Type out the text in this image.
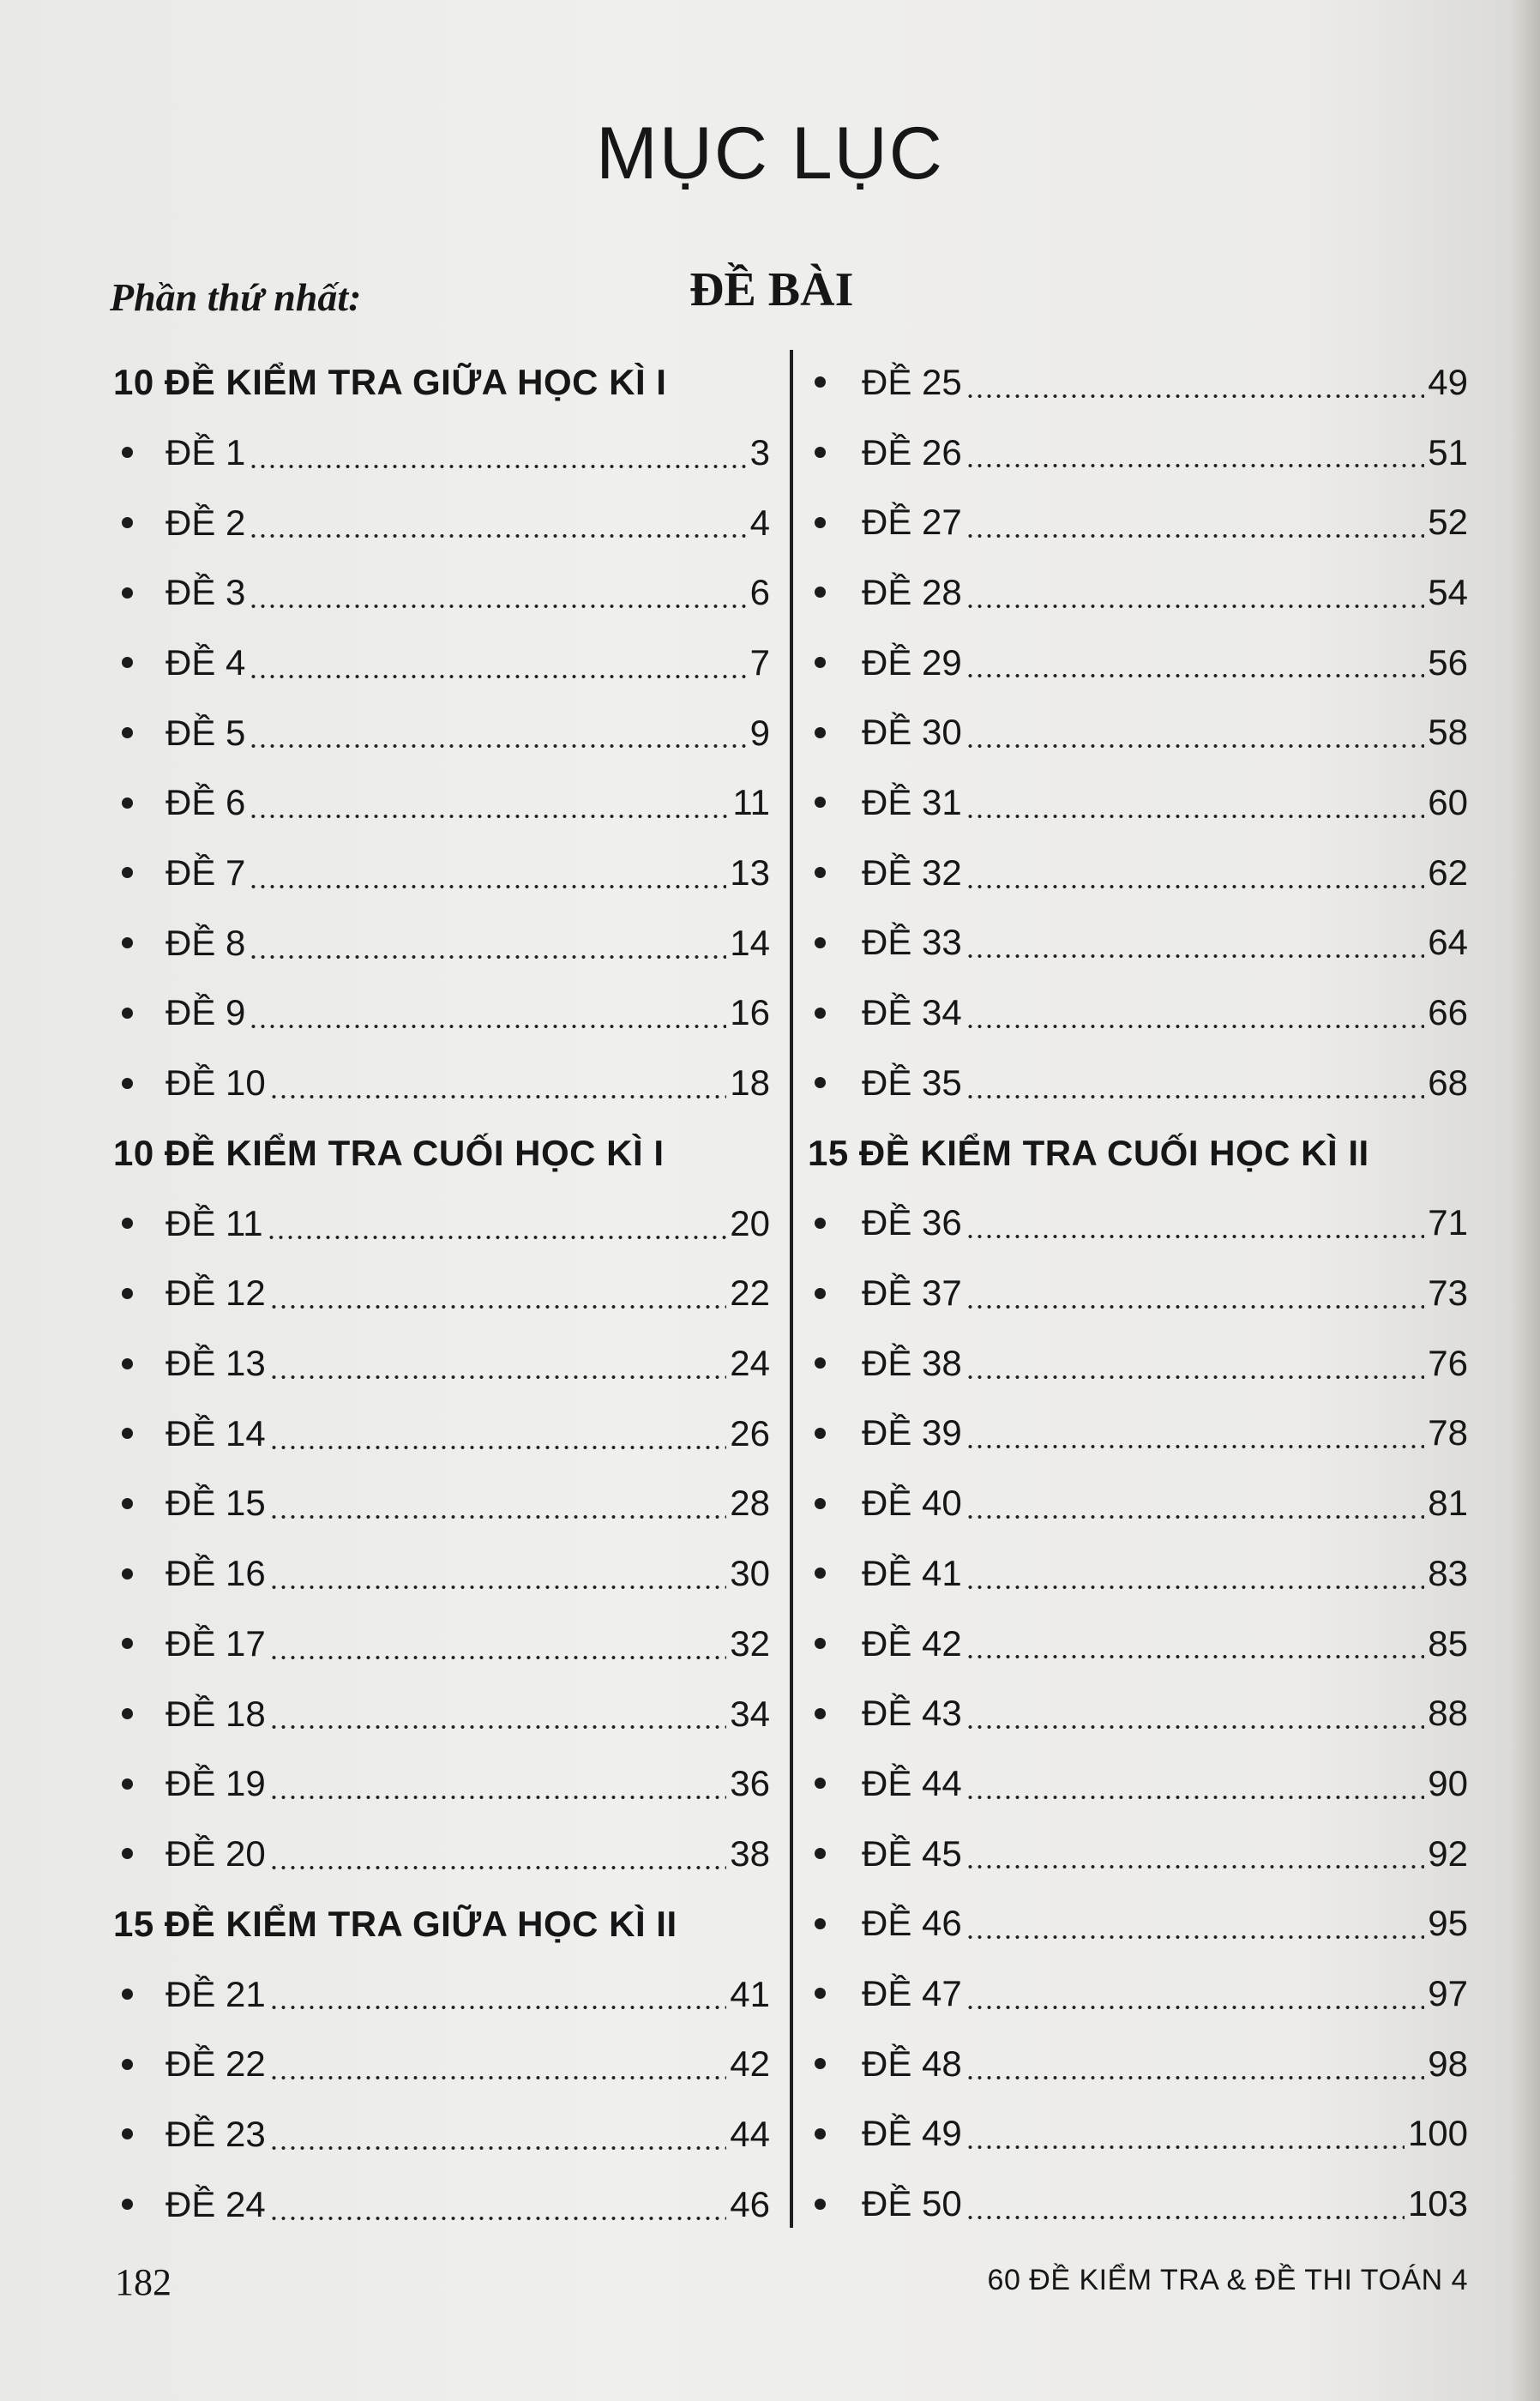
MỤC LỤC
Phần thứ nhất:	ĐỀ BÀI
10 ĐỀ KIỂM TRA GIỮA HỌC KÌ I
ĐỀ 1	3
ĐỀ 2	4
ĐỀ 3	6
ĐỀ 4	7
ĐỀ 5	9
ĐỀ 6	11
ĐỀ 7	13
ĐỀ 8	14
ĐỀ 9	16
ĐỀ 10	18
10 ĐỀ KIỂM TRA CUỐI HỌC KÌ I
ĐỀ 11	20
ĐỀ 12	22
ĐỀ 13	24
ĐỀ 14	26
ĐỀ 15	28
ĐỀ 16	30
ĐỀ 17	32
ĐỀ 18	34
ĐỀ 19	36
ĐỀ 20	38
15 ĐỀ KIỂM TRA GIỮA HỌC KÌ II
ĐỀ 21	41
ĐỀ 22	42
ĐỀ 23	44
ĐỀ 24	46
ĐỀ 25	49
ĐỀ 26	51
ĐỀ 27	52
ĐỀ 28	54
ĐỀ 29	56
ĐỀ 30	58
ĐỀ 31	60
ĐỀ 32	62
ĐỀ 33	64
ĐỀ 34	66
ĐỀ 35	68
15 ĐỀ KIỂM TRA CUỐI HỌC KÌ II
ĐỀ 36	71
ĐỀ 37	73
ĐỀ 38	76
ĐỀ 39	78
ĐỀ 40	81
ĐỀ 41	83
ĐỀ 42	85
ĐỀ 43	88
ĐỀ 44	90
ĐỀ 45	92
ĐỀ 46	95
ĐỀ 47	97
ĐỀ 48	98
ĐỀ 49	100
ĐỀ 50	103
182	60 ĐỀ KIỂM TRA & ĐỀ THI TOÁN 4
